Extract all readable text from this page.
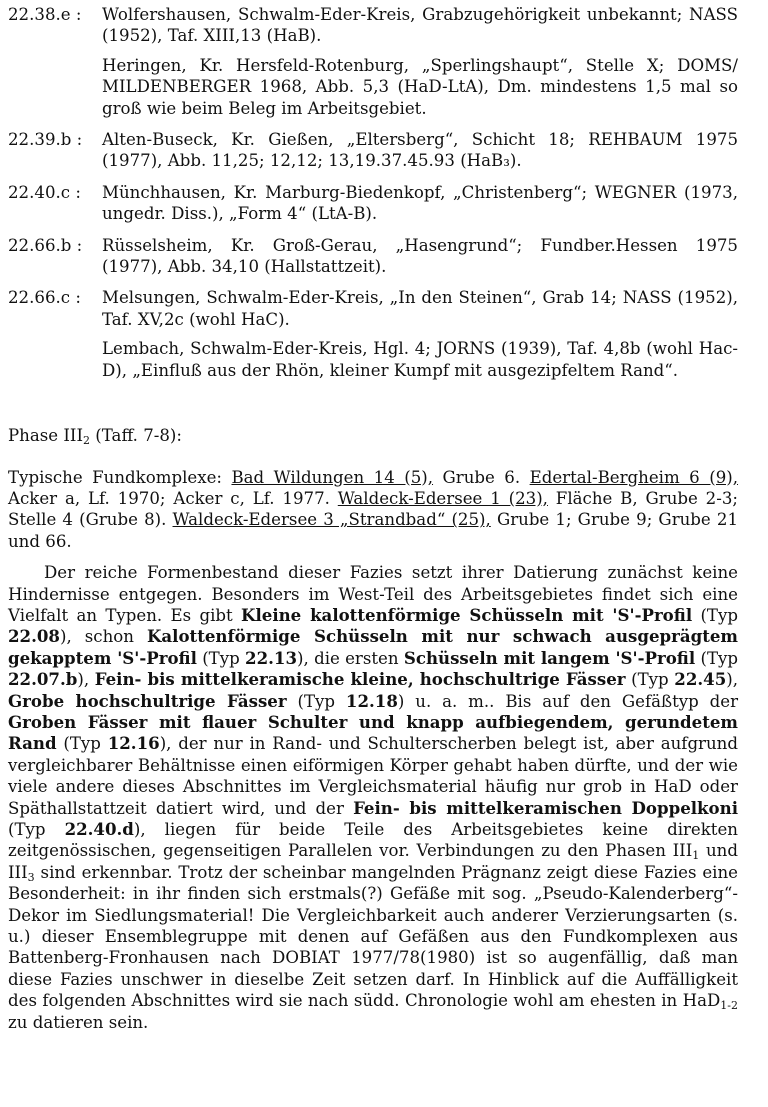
22.38.e :	Wolfershausen, Schwalm-Eder-Kreis, Grabzugehörigkeit unbekannt; NASS (1952), Taf. XIII,13 (HaB).

Heringen, Kr. Hersfeld-Rotenburg, „Sperlingshaupt“, Stelle X; DOMS/ MILDENBERGER 1968, Abb. 5,3 (HaD-LtA), Dm. mindestens 1,5 mal so groß wie beim Beleg im Arbeitsgebiet.

22.39.b :	Alten-Buseck, Kr. Gießen, „Eltersberg“, Schicht 18; REHBAUM 1975 (1977), Abb. 11,25; 12,12; 13,19.37.45.93 (HaB₃).

22.40.c :	Münchhausen, Kr. Marburg-Biedenkopf, „Christenberg“; WEGNER (1973, ungedr. Diss.), „Form 4“ (LtA-B).

22.66.b :	Rüsselsheim, Kr. Groß-Gerau, „Hasengrund“; Fundber.Hessen 1975 (1977), Abb. 34,10 (Hallstattzeit).

22.66.c :	Melsungen, Schwalm-Eder-Kreis, „In den Steinen“, Grab 14; NASS (1952), Taf. XV,2c (wohl HaC).

Lembach, Schwalm-Eder-Kreis, Hgl. 4; JORNS (1939), Taf. 4,8b (wohl Hac-D), „Einfluß aus der Rhön, kleiner Kumpf mit ausgezipfeltem Rand“.

Phase $III_2$ (Taff. 7-8):

Typische Fundkomplexe: Bad Wildungen 14 (5), Grube 6. Edertal-Bergheim 6 (9), Acker a, Lf. 1970; Acker c, Lf. 1977. Waldeck-Edersee 1 (23), Fläche B, Grube 2-3; Stelle 4 (Grube 8). Waldeck-Edersee 3 „Strandbad“ (25), Grube 1; Grube 9; Grube 21 und 66.

Der reiche Formenbestand dieser Fazies setzt ihrer Datierung zunächst keine Hindernisse entgegen. Besonders im West-Teil des Arbeitsgebietes findet sich eine Vielfalt an Typen. Es gibt Kleine kalottenförmige Schüsseln mit 'S'-Profil (Typ 22.08), schon Kalottenförmige Schüsseln mit nur schwach ausgeprägtem gekapptem 'S'-Profil (Typ 22.13), die ersten Schüsseln mit langem 'S'-Profil (Typ 22.07.b), Fein- bis mittelkeramische kleine, hochschultrige Fässer (Typ 22.45), Grobe hochschultrige Fässer (Typ 12.18) u. a. m.. Bis auf den Gefäßtyp der Groben Fässer mit flauer Schulter und knapp aufbiegendem, gerundetem Rand (Typ 12.16), der nur in Rand- und Schulterscherben belegt ist, aber aufgrund vergleichbarer Behältnisse einen eiförmigen Körper gehabt haben dürfte, und der wie viele andere dieses Abschnittes im Vergleichsmaterial häufig nur grob in HaD oder Späthallstattzeit datiert wird, und der Fein- bis mittelkeramischen Doppelkoni (Typ 22.40.d), liegen für beide Teile des Arbeitsgebietes keine direkten zeitgenössischen, gegenseitigen Parallelen vor. Verbindungen zu den Phasen $III_1$ und $III_3$ sind erkennbar. Trotz der scheinbar mangelnden Prägnanz zeigt diese Fazies eine Besonderheit: in ihr finden sich erstmals(?) Gefäße mit sog. „Pseudo-Kalenderberg“-Dekor im Siedlungsmaterial! Die Vergleichbarkeit auch anderer Verzierungsarten (s. u.) dieser Ensemblegruppe mit denen auf Gefäßen aus den Fundkomplexen aus Battenberg-Fronhausen nach DOBIAT 1977/78(1980) ist so augenfällig, daß man diese Fazies unschwer in dieselbe Zeit setzen darf. In Hinblick auf die Auffälligkeit des folgenden Abschnittes wird sie nach südd. Chronologie wohl am ehesten in HaD$_{1-2}$ zu datieren sein.
